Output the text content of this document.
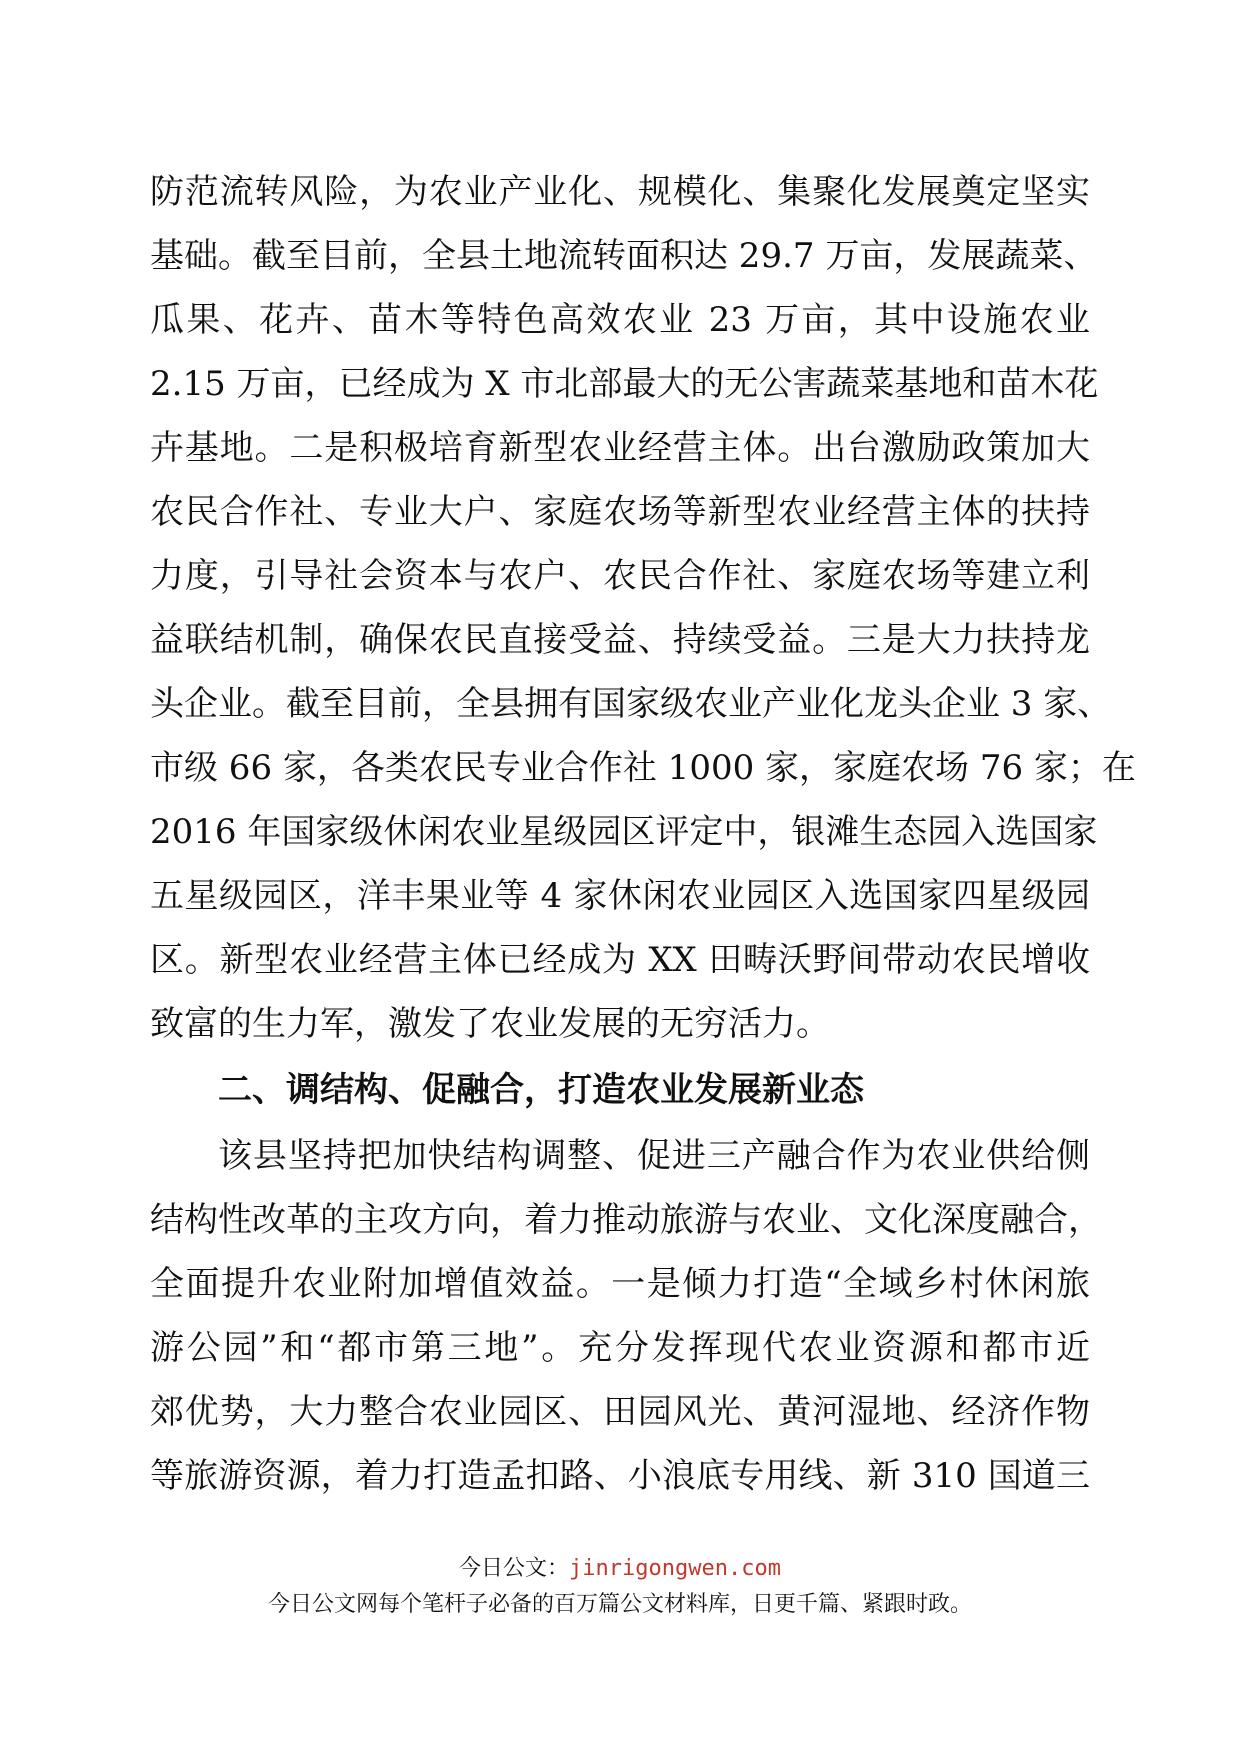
防范流转风险，为农业产业化、规模化、集聚化发展奠定坚实
基础。截至目前，全县土地流转面积达 29.7 万亩，发展蔬菜、
瓜果、花卉、苗木等特色高效农业 23 万亩，其中设施农业
2.15 万亩，已经成为 X 市北部最大的无公害蔬菜基地和苗木花
卉基地。二是积极培育新型农业经营主体。出台激励政策加大
农民合作社、专业大户、家庭农场等新型农业经营主体的扶持
力度，引导社会资本与农户、农民合作社、家庭农场等建立利
益联结机制，确保农民直接受益、持续受益。三是大力扶持龙
头企业。截至目前，全县拥有国家级农业产业化龙头企业 3 家、
市级 66 家，各类农民专业合作社 1000 家，家庭农场 76 家；在
2016 年国家级休闲农业星级园区评定中，银滩生态园入选国家
五星级园区，洋丰果业等 4 家休闲农业园区入选国家四星级园
区。新型农业经营主体已经成为 XX 田畴沃野间带动农民增收
致富的生力军，激发了农业发展的无穷活力。
二、调结构、促融合，打造农业发展新业态
该县坚持把加快结构调整、促进三产融合作为农业供给侧
结构性改革的主攻方向，着力推动旅游与农业、文化深度融合，
全面提升农业附加增值效益。一是倾力打造“全域乡村休闲旅
游公园”和“都市第三地”。充分发挥现代农业资源和都市近
郊优势，大力整合农业园区、田园风光、黄河湿地、经济作物
等旅游资源，着力打造孟扣路、小浪底专用线、新 310 国道三
今日公文：jinrigongwen.com
今日公文网每个笔杆子必备的百万篇公文材料库，日更千篇、紧跟时政。
